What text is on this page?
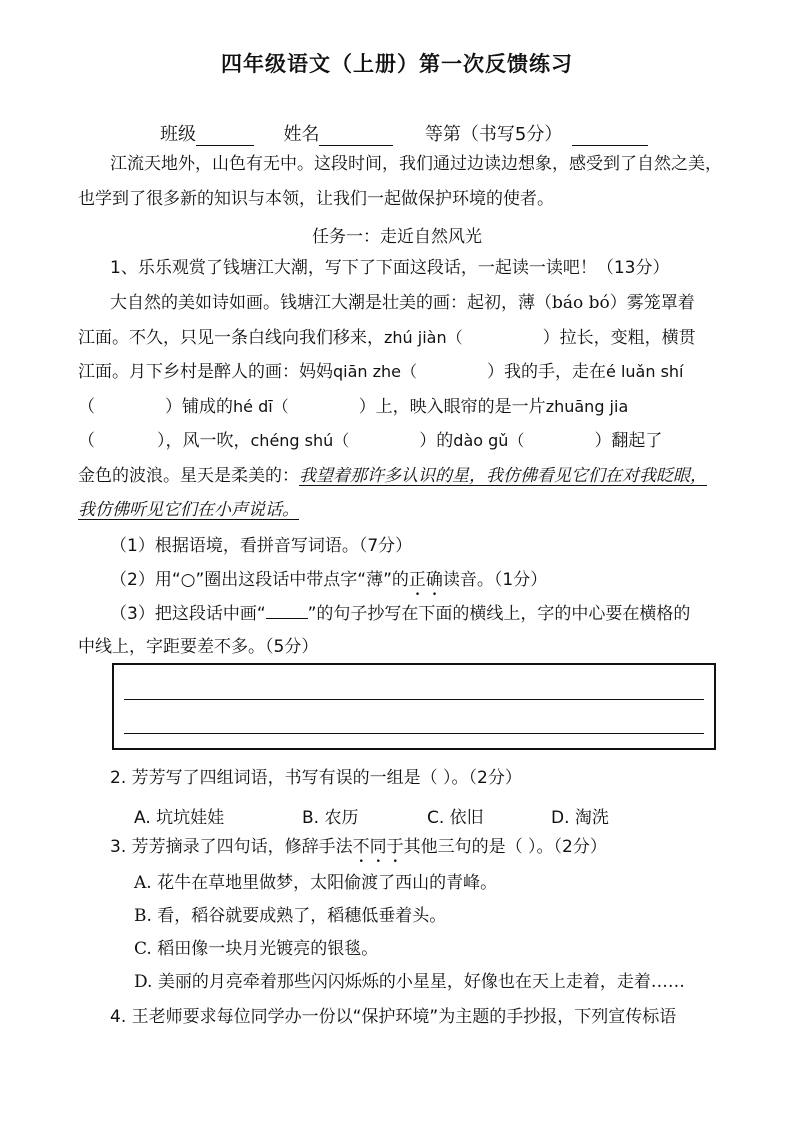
四年级语文（上册）第一次反馈练习
班级	姓名	等第（书写5分）
江流天地外，山色有无中。这段时间，我们通过边读边想象，感受到了自然之美，
也学到了很多新的知识与本领，让我们一起做保护环境的使者。
任务一：走近自然风光
1、乐乐观赏了钱塘江大潮，写下了下面这段话，一起读一读吧！（13分）
大自然的美如诗如画。钱塘江大潮是壮美的画：起初，薄（báo bó）雾笼罩着
江面。不久，只见一条白线向我们移来，zhú jiàn（	）拉长，变粗，横贯
江面。月下乡村是醉人的画：妈妈qiān zhe（	）我的手，走在é luǎn shí
（	）铺成的hé dī（	）上，映入眼帘的是一片zhuāng jia
（	），风一吹，chéng shú（	）的dào gǔ（	）翻起了
金色的波浪。星天是柔美的：我望着那许多认识的星，我仿佛看见它们在对我眨眼，
我仿佛听见它们在小声说话。
（1）根据语境，看拼音写词语。（7分）
（2）用“○”圈出这段话中带点字“薄”的正确读音。（1分）
（3）把这段话中画“ ”的句子抄写在下面的横线上，字的中心要在横格的
中线上，字距要差不多。（5分）
2. 芳芳写了四组词语，书写有误的一组是（ ）。（2分）
A. 坑坑娃娃	B. 农历	C. 依旧	D. 淘洗
3. 芳芳摘录了四句话，修辞手法不同于其他三句的是（ ）。（2分）
A. 花牛在草地里做梦，太阳偷渡了西山的青峰。
B. 看，稻谷就要成熟了，稻穗低垂着头。
C. 稻田像一块月光镀亮的银毯。
D. 美丽的月亮牵着那些闪闪烁烁的小星星，好像也在天上走着，走着……
4. 王老师要求每位同学办一份以“保护环境”为主题的手抄报，下列宣传标语
